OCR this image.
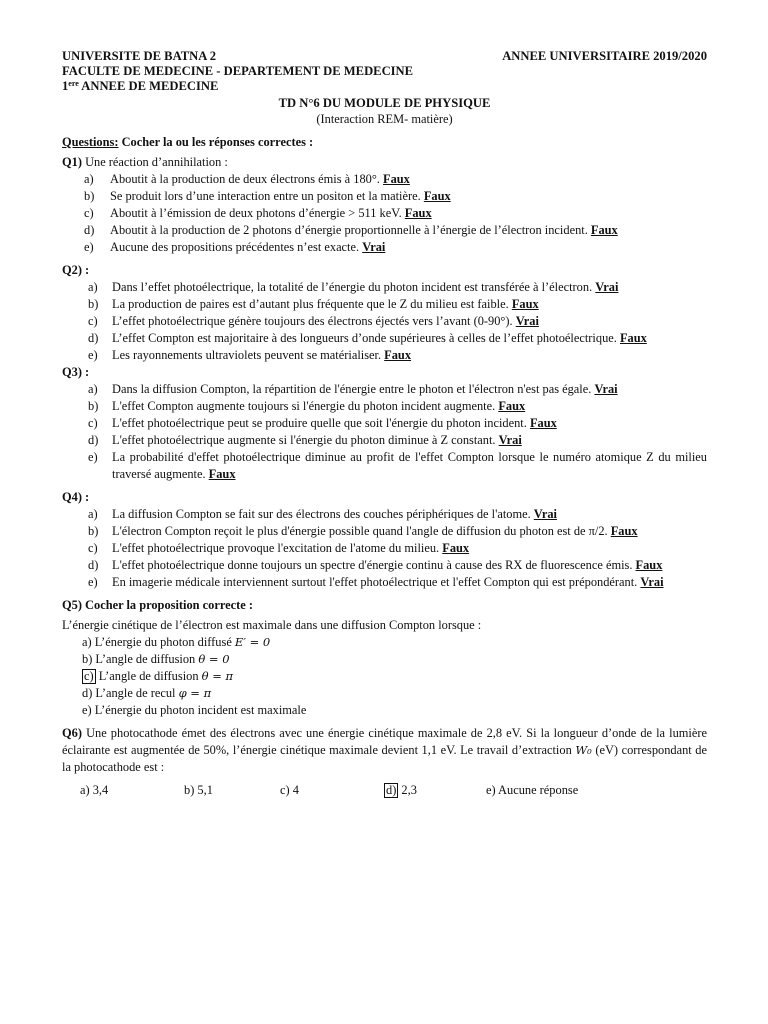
UNIVERSITE DE BATNA 2	ANNEE UNIVERSITAIRE 2019/2020
FACULTE DE MEDECINE - DEPARTEMENT DE MEDECINE
1ere ANNEE DE MEDECINE
TD N°6 DU MODULE DE PHYSIQUE
(Interaction REM- matière)
Questions: Cocher la ou les réponses correctes :
Q1) Une réaction d’annihilation :
a) Aboutit à la production de deux électrons émis à 180°. Faux
b) Se produit lors d’une interaction entre un positon et la matière. Faux
c) Aboutit à l’émission de deux photons d’énergie > 511 keV. Faux
d) Aboutit à la production de 2 photons d’énergie proportionnelle à l’énergie de l’électron incident. Faux
e) Aucune des propositions précédentes n’est exacte. Vrai
Q2) :
a) Dans l’effet photoélectrique, la totalité de l’énergie du photon incident est transférée à l’électron. Vrai
b) La production de paires est d’autant plus fréquente que le Z du milieu est faible. Faux
c) L’effet photoélectrique génère toujours des électrons éjectés vers l’avant (0-90°). Vrai
d) L’effet Compton est majoritaire à des longueurs d’onde supérieures à celles de l’effet photoélectrique. Faux
e) Les rayonnements ultraviolets peuvent se matérialiser. Faux
Q3) :
a) Dans la diffusion Compton, la répartition de l'énergie entre le photon et l'électron n'est pas égale. Vrai
b) L'effet Compton augmente toujours si l'énergie du photon incident augmente. Faux
c) L'effet photoélectrique peut se produire quelle que soit l'énergie du photon incident. Faux
d) L'effet photoélectrique augmente si l'énergie du photon diminue à Z constant. Vrai
e) La probabilité d'effet photoélectrique diminue au profit de l'effet Compton lorsque le numéro atomique Z du milieu traversé augmente. Faux
Q4) :
a) La diffusion Compton se fait sur des électrons des couches périphériques de l'atome. Vrai
b) L'électron Compton reçoit le plus d'énergie possible quand l'angle de diffusion du photon est de π/2. Faux
c) L'effet photoélectrique provoque l'excitation de l'atome du milieu. Faux
d) L'effet photoélectrique donne toujours un spectre d'énergie continu à cause des RX de fluorescence émis. Faux
e) En imagerie médicale interviennent surtout l'effet photoélectrique et l'effet Compton qui est prépondérant. Vrai
Q5) Cocher la proposition correcte :
L’énergie cinétique de l’électron est maximale dans une diffusion Compton lorsque :
a) L’énergie du photon diffusé E′ = 0
b) L’angle de diffusion θ = 0
c) L’angle de diffusion θ = π
d) L’angle de recul φ = π
e) L’énergie du photon incident est maximale
Q6) Une photocathode émet des électrons avec une énergie cinétique maximale de 2,8 eV. Si la longueur d’onde de la lumière éclairante est augmentée de 50%, l’énergie cinétique maximale devient 1,1 eV. Le travail d’extraction W₀ (eV) correspondant de la photocathode est :
a) 3,4	b) 5,1	c) 4	d) 2,3	e) Aucune réponse
